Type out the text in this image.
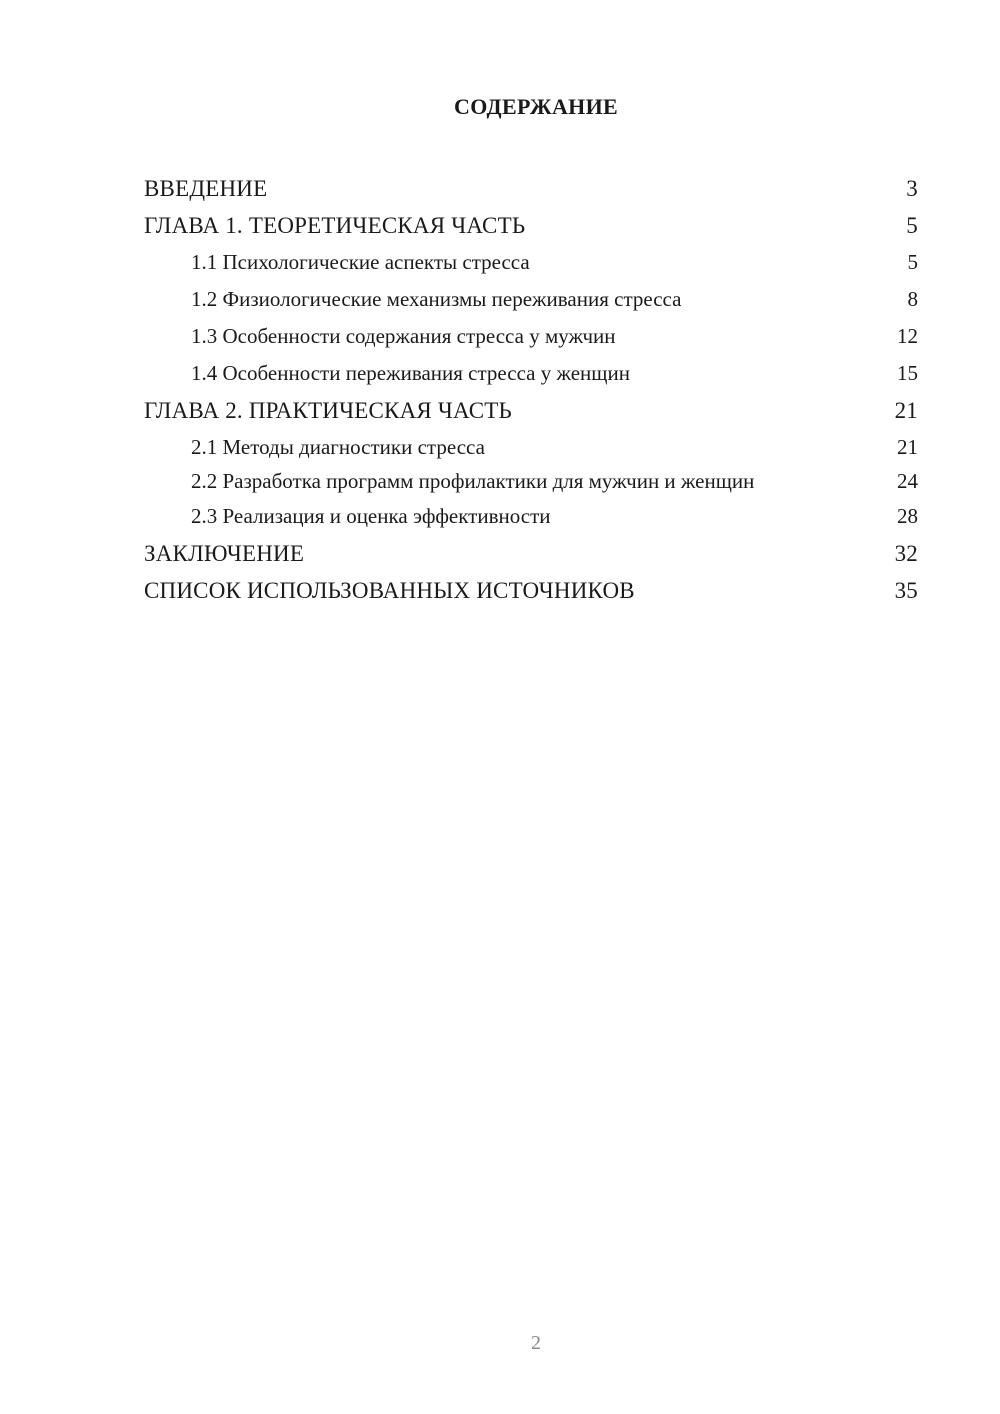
СОДЕРЖАНИЕ
ВВЕДЕНИЕ	3
ГЛАВА 1. ТЕОРЕТИЧЕСКАЯ ЧАСТЬ	5
1.1 Психологические аспекты стресса	5
1.2 Физиологические механизмы переживания стресса	8
1.3 Особенности содержания стресса у мужчин	12
1.4 Особенности переживания стресса у женщин	15
ГЛАВА 2. ПРАКТИЧЕСКАЯ ЧАСТЬ	21
2.1 Методы диагностики стресса	21
2.2 Разработка программ профилактики для мужчин и женщин	24
2.3 Реализация и оценка эффективности	28
ЗАКЛЮЧЕНИЕ	32
СПИСОК ИСПОЛЬЗОВАННЫХ ИСТОЧНИКОВ	35
2
